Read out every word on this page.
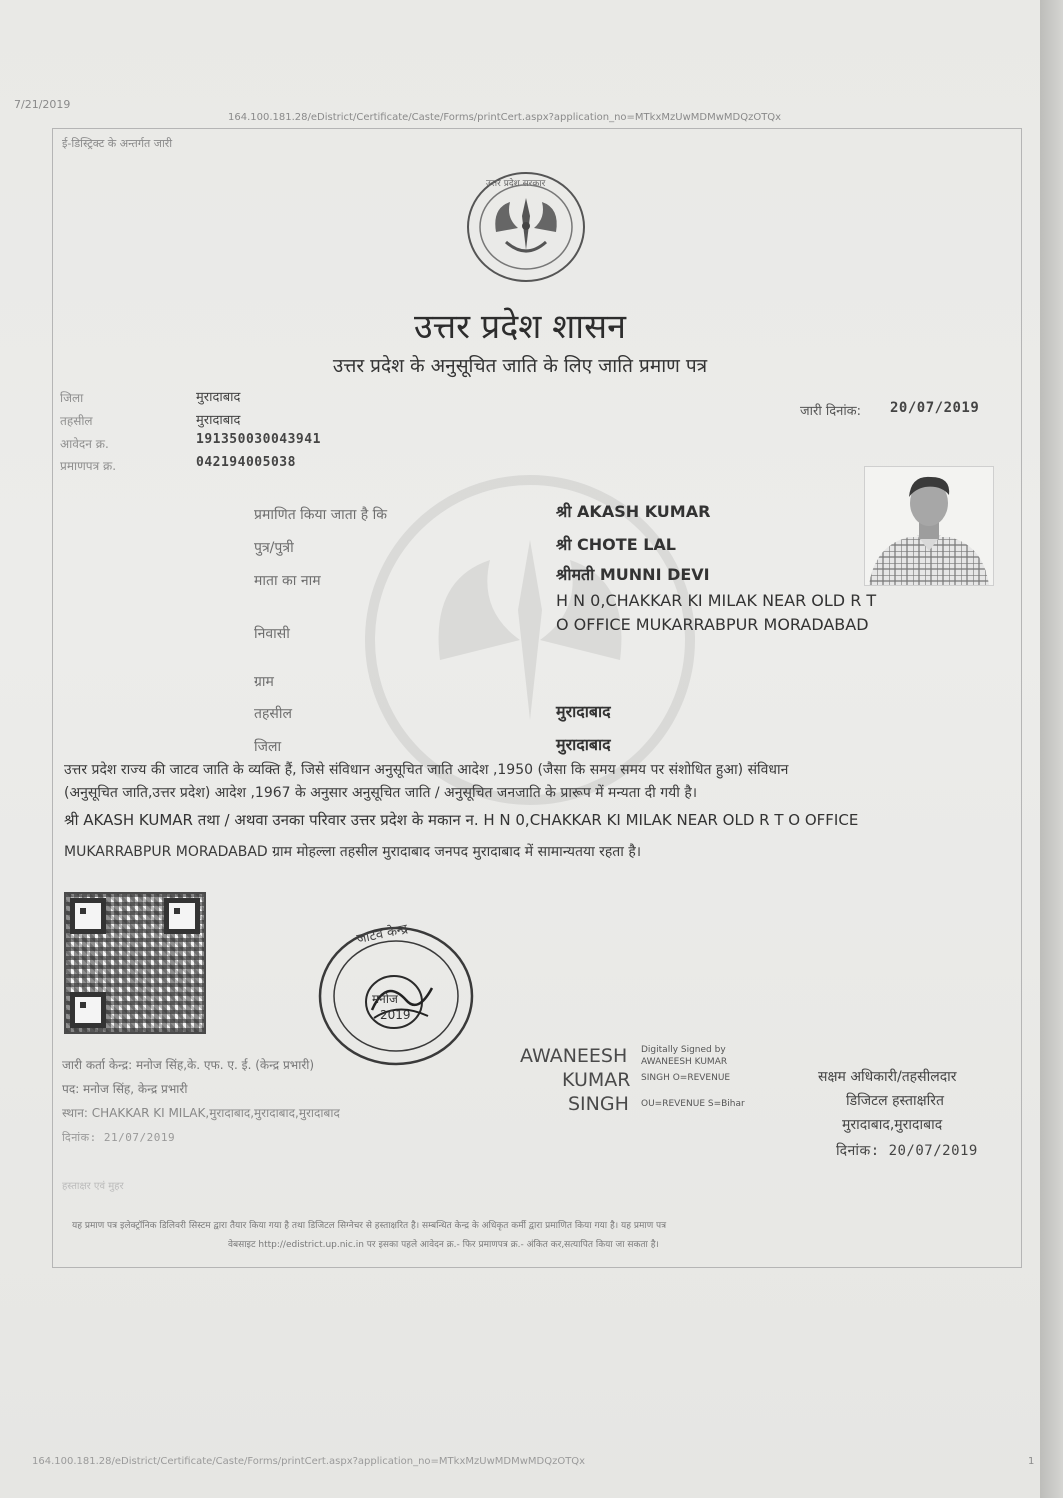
7/21/2019
164.100.181.28/eDistrict/Certificate/Caste/Forms/printCert.aspx?application_no=MTkxMzUwMDMwMDQzOTQx
ई-डिस्ट्रिक्ट के अन्तर्गत जारी
उत्तर प्रदेश सरकार
उत्तर प्रदेश शासन
उत्तर प्रदेश के अनुसूचित जाति के लिए जाति प्रमाण पत्र
जिला	मुरादाबाद
तहसील	मुरादाबाद
आवेदन क्र.	191350030043941
प्रमाणपत्र क्र.	042194005038
जारी दिनांक: 20/07/2019
प्रमाणित किया जाता है कि	श्री AKASH KUMAR
पुत्र/पुत्री	श्री CHOTE LAL
माता का नाम	श्रीमती MUNNI DEVI
निवासी
H N 0,CHAKKAR KI MILAK NEAR OLD R T O OFFICE MUKARRABPUR MORADABAD
ग्राम
तहसील	मुरादाबाद
जिला	मुरादाबाद
उत्तर प्रदेश राज्य की जाटव जाति के व्यक्ति हैं, जिसे संविधान अनुसूचित जाति आदेश ,1950 (जैसा कि समय समय पर संशोधित हुआ) संविधान
(अनुसूचित जाति,उत्तर प्रदेश) आदेश ,1967 के अनुसार अनुसूचित जाति / अनुसूचित जनजाति के प्रारूप में मन्यता दी गयी है।
श्री AKASH KUMAR तथा / अथवा उनका परिवार उत्तर प्रदेश के मकान न. H N 0,CHAKKAR KI MILAK NEAR OLD R T O OFFICE
MUKARRABPUR MORADABAD ग्राम मोहल्ला तहसील मुरादाबाद जनपद मुरादाबाद में सामान्यतया रहता है।
जाटव केन्द्र
मनोज
2019
जारी कर्ता केन्द्र: मनोज सिंह,के. एफ. ए. ई. (केन्द्र प्रभारी)
पद: मनोज सिंह, केन्द्र प्रभारी
स्थान: CHAKKAR KI MILAK,मुरादाबाद,मुरादाबाद,मुरादाबाद
दिनांक: 21/07/2019
हस्ताक्षर एवं मुहर
AWANEESH
KUMAR
SINGH
Digitally Signed by
AWANEESH KUMAR
SINGH O=REVENUE
OU=REVENUE S=Bihar
सक्षम अधिकारी/तहसीलदार
डिजिटल हस्ताक्षरित
मुरादाबाद,मुरादाबाद
दिनांक: 20/07/2019
यह प्रमाण पत्र इलेक्ट्रॉनिक डिलिवरी सिस्टम द्वारा तैयार किया गया है तथा डिजिटल सिग्नेचर से हस्ताक्षरित है। सम्बन्धित केन्द्र के अधिकृत कर्मी द्वारा प्रमाणित किया गया है। यह प्रमाण पत्र
वेबसाइट http://edistrict.up.nic.in पर इसका पहले आवेदन क्र.- फिर प्रमाणपत्र क्र.- अंकित कर,सत्यापित किया जा सकता है।
164.100.181.28/eDistrict/Certificate/Caste/Forms/printCert.aspx?application_no=MTkxMzUwMDMwMDQzOTQx	1
